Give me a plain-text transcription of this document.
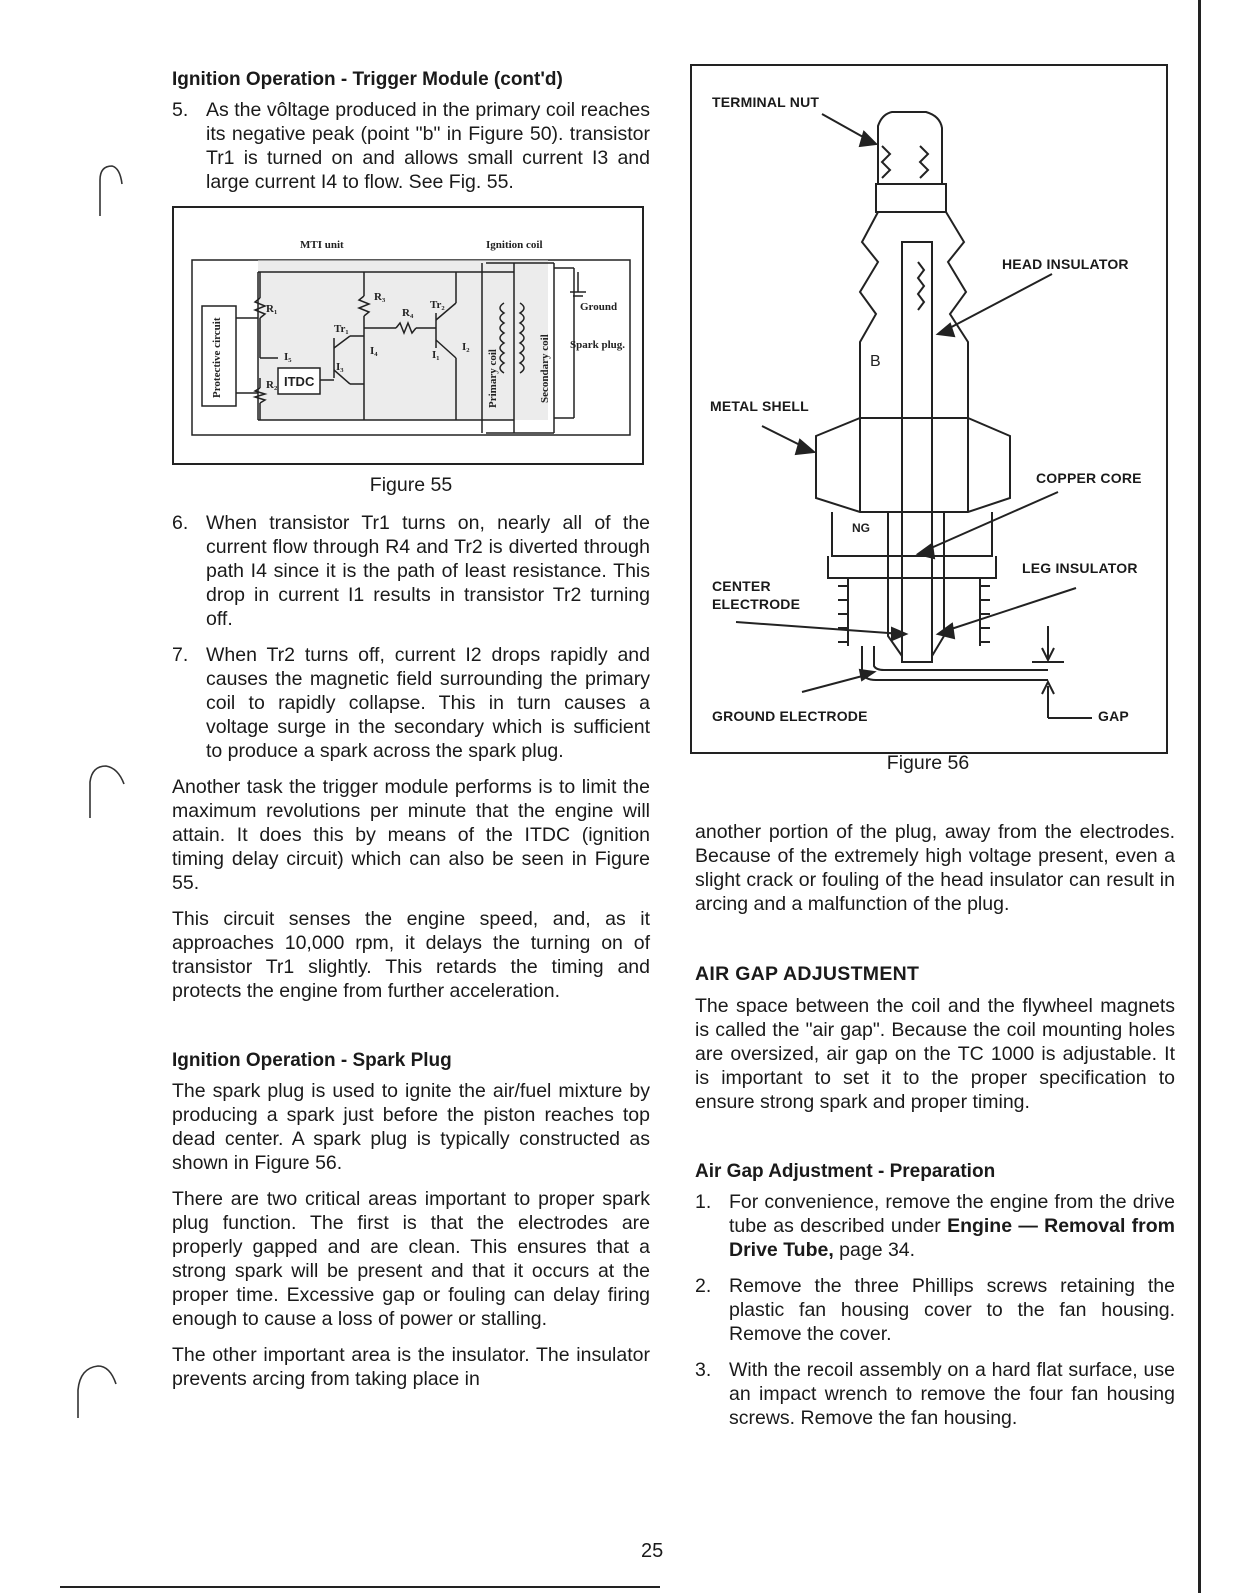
Ignition Operation - Trigger Module (cont'd)
5. As the vôltage produced in the primary coil reaches its negative peak (point "b" in Figure 50). transistor Tr1 is turned on and allows small current I3 and large current I4 to flow. See Fig. 55.
MTI unit	Ignition coil
Ground
Spark plug.
R₁
R₂
R₃
R₄
Tr₁
Tr₂
I₁
I₂
I₃
I₄
I₅
ITDC
Protective circuit	Primary coil	Secondary coil
Figure 55
6. When transistor Tr1 turns on, nearly all of the current flow through R4 and Tr2 is diverted through path I4 since it is the path of least resistance. This drop in current I1 results in transistor Tr2 turning off.
7. When Tr2 turns off, current I2 drops rapidly and causes the magnetic field surrounding the primary coil to rapidly collapse. This in turn causes a voltage surge in the secondary which is sufficient to produce a spark across the spark plug.

Another task the trigger module performs is to limit the maximum revolutions per minute that the engine will attain. It does this by means of the ITDC (ignition timing delay circuit) which can also be seen in Figure 55.

This circuit senses the engine speed, and, as it approaches 10,000 rpm, it delays the turning on of transistor Tr1 slightly. This retards the timing and protects the engine from further acceleration.

Ignition Operation - Spark Plug

The spark plug is used to ignite the air/fuel mixture by producing a spark just before the piston reaches top dead center. A spark plug is typically constructed as shown in Figure 56.

There are two critical areas important to proper spark plug function. The first is that the electrodes are properly gapped and are clean. This ensures that a strong spark will be present and that it occurs at the proper time. Excessive gap or fouling can delay firing enough to cause a loss of power or stalling.

The other important area is the insulator. The insulator prevents arcing from taking place in

B
NG
TERMINAL NUT
HEAD INSULATOR
METAL SHELL
COPPER CORE
LEG INSULATOR
CENTER
ELECTRODE
GROUND ELECTRODE	GAP
Figure 56

another portion of the plug, away from the electrodes. Because of the extremely high voltage present, even a slight crack or fouling of the head insulator can result in arcing and a malfunction of the plug.

AIR GAP ADJUSTMENT

The space between the coil and the flywheel magnets is called the "air gap". Because the coil mounting holes are oversized, air gap on the TC 1000 is adjustable. It is important to set it to the proper specification to ensure strong spark and proper timing.

Air Gap Adjustment - Preparation
1. For convenience, remove the engine from the drive tube as described under Engine — Removal from Drive Tube, page 34.
2. Remove the three Phillips screws retaining the plastic fan housing cover to the fan housing. Remove the cover.
3. With the recoil assembly on a hard flat surface, use an impact wrench to remove the four fan housing screws. Remove the fan housing.
25
